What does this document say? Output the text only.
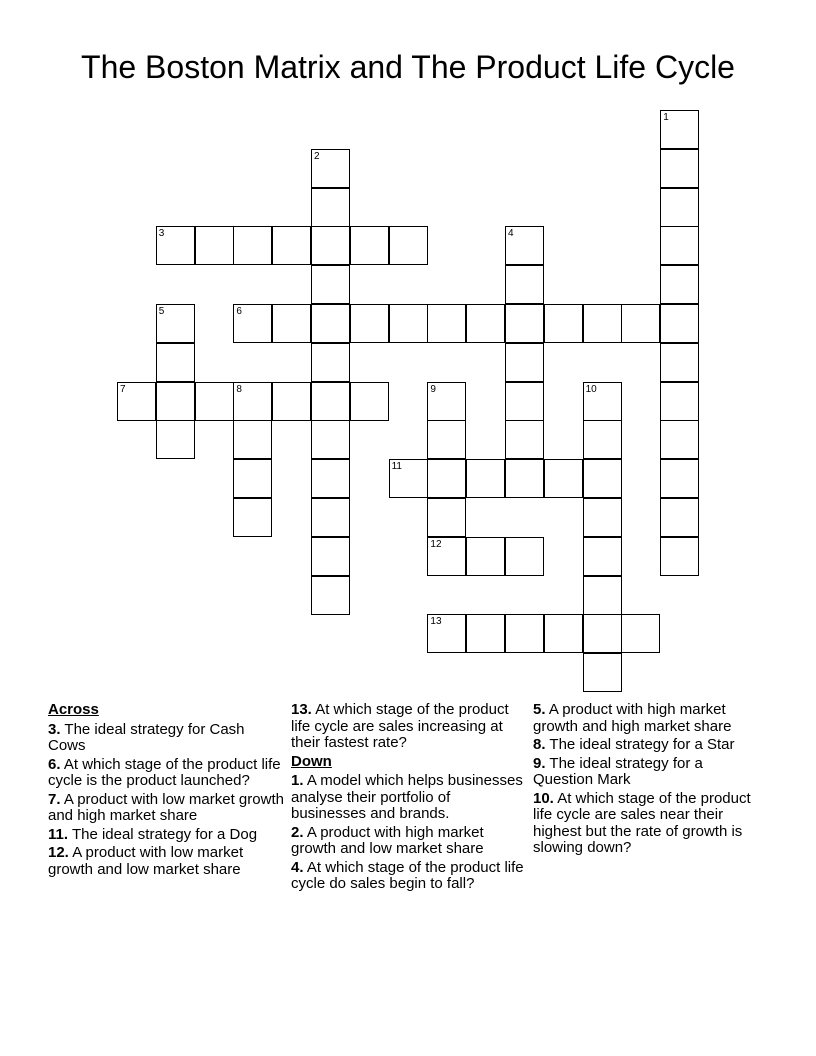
The Boston Matrix and The Product Life Cycle
1
2
3	4
5	6
7	8	9
12
10
11
13
Across
3. The ideal strategy for Cash Cows
6. At which stage of the product life cycle is the product launched?
7. A product with low market growth and high market share
11. The ideal strategy for a Dog
12. A product with low market growth and low market share
13. At which stage of the product life cycle are sales increasing at their fastest rate?
Down
1. A model which helps businesses analyse their portfolio of businesses and brands.
2. A product with high market growth and low market share
4. At which stage of the product life cycle do sales begin to fall?
5. A product with high market growth and high market share
8. The ideal strategy for a Star
9. The ideal strategy for a Question Mark
10. At which stage of the product life cycle are sales near their highest but the rate of growth is slowing down?
